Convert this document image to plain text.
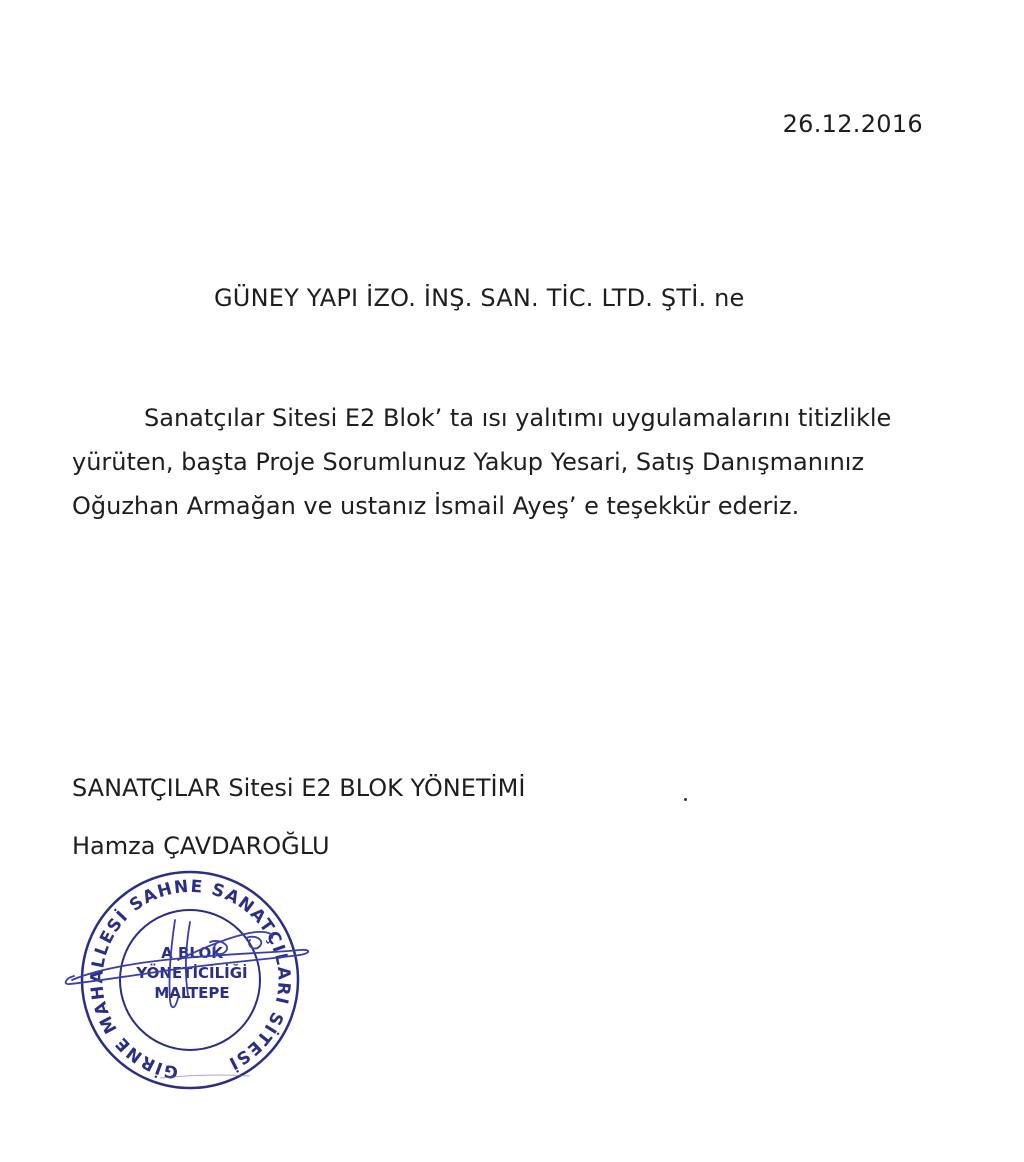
26.12.2016
GÜNEY YAPI İZO. İNŞ. SAN. TİC. LTD. ŞTİ. ne
Sanatçılar Sitesi E2 Blok’ ta ısı yalıtımı uygulamalarını titizlikle
yürüten, başta Proje Sorumlunuz Yakup Yesari, Satış Danışmanınız
Oğuzhan Armağan ve ustanız İsmail Ayeş’ e teşekkür ederiz.
SANATÇILAR Sitesi E2 BLOK YÖNETİMİ
Hamza ÇAVDAROĞLU
GİRNE MAHALLESİ SAHNE SANATÇILARI SİTESİ
A BLOK
YÖNETİCİLİĞİ
MALTEPE
